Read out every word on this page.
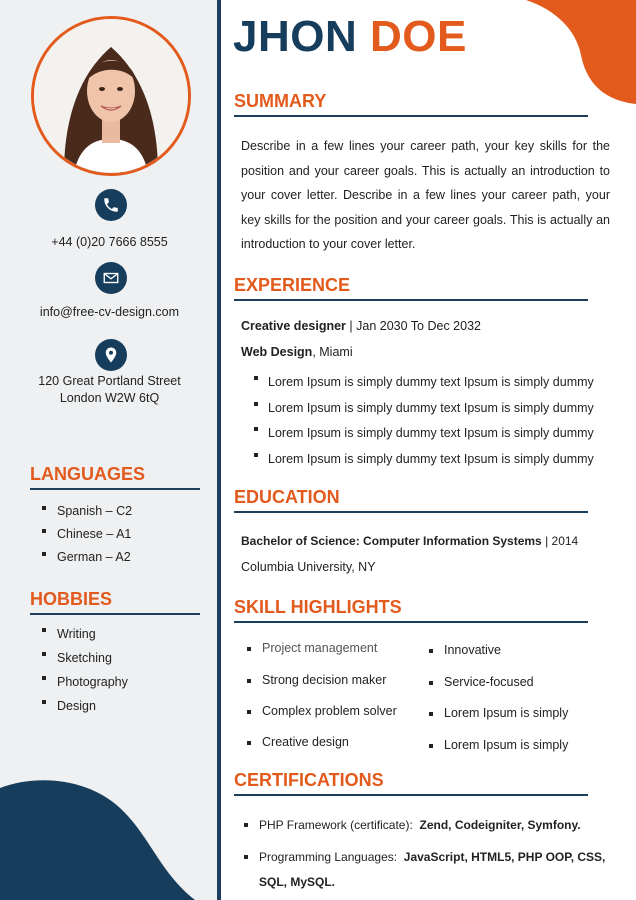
+44 (0)20 7666 8555
info@free-cv-design.com
120 Great Portland Street
London W2W 6tQ
LANGUAGES
Spanish – C2
Chinese – A1
German – A2
HOBBIES
Writing
Sketching
Photography
Design
JHON DOE
SUMMARY
Describe in a few lines your career path, your key skills for the position and your career goals. This is actually an introduction to your cover letter. Describe in a few lines your career path, your key skills for the position and your career goals. This is actually an introduction to your cover letter.
EXPERIENCE
Creative designer | Jan 2030 To Dec 2032
Web Design, Miami
Lorem Ipsum is simply dummy text Ipsum is simply dummy
Lorem Ipsum is simply dummy text Ipsum is simply dummy
Lorem Ipsum is simply dummy text Ipsum is simply dummy
Lorem Ipsum is simply dummy text Ipsum is simply dummy
EDUCATION
Bachelor of Science: Computer Information Systems | 2014
Columbia University, NY
SKILL HIGHLIGHTS
Project management
Strong decision maker
Complex problem solver
Creative design
Innovative
Service-focused
Lorem Ipsum is simply
Lorem Ipsum is simply
CERTIFICATIONS
PHP Framework (certificate): Zend, Codeigniter, Symfony.
Programming Languages: JavaScript, HTML5, PHP OOP, CSS, SQL, MySQL.
